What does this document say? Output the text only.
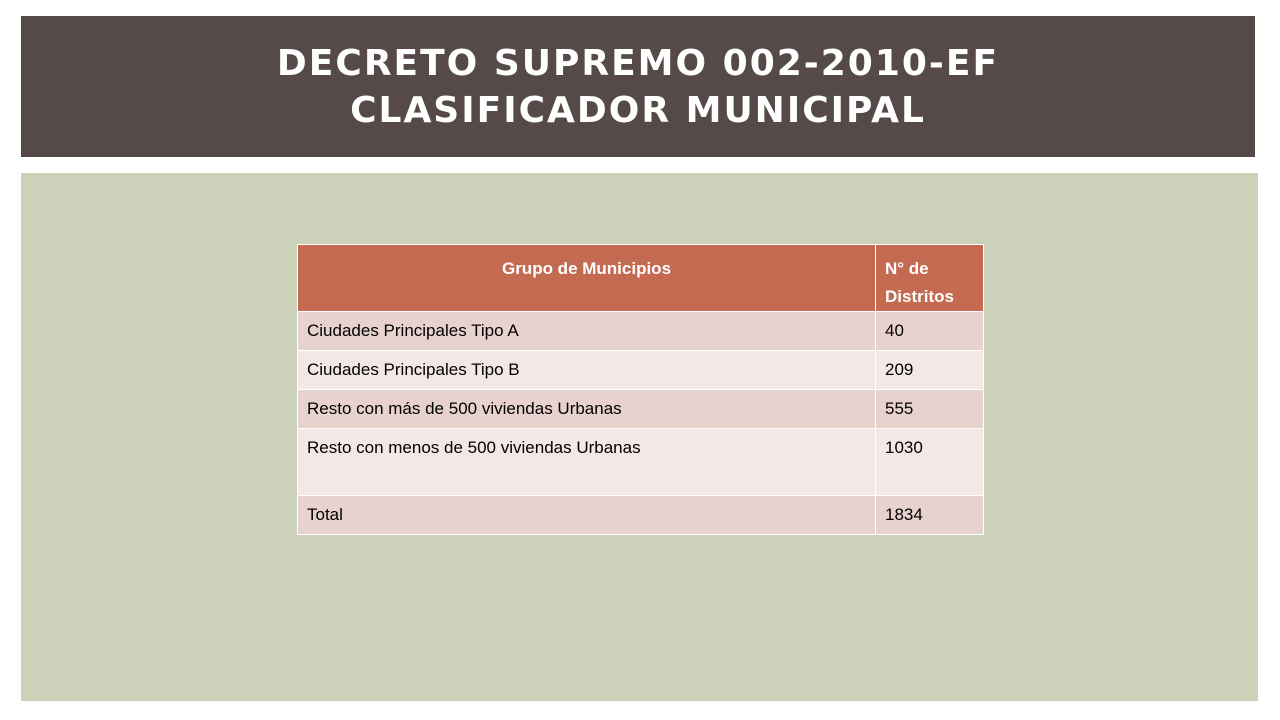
DECRETO SUPREMO 002-2010-EF
CLASIFICADOR MUNICIPAL
Grupo de Municipios	N° de Distritos
Ciudades Principales Tipo A	40
Ciudades Principales Tipo B	209
Resto con más de 500 viviendas Urbanas	555
Resto con menos de 500 viviendas Urbanas	1030
Total	1834
